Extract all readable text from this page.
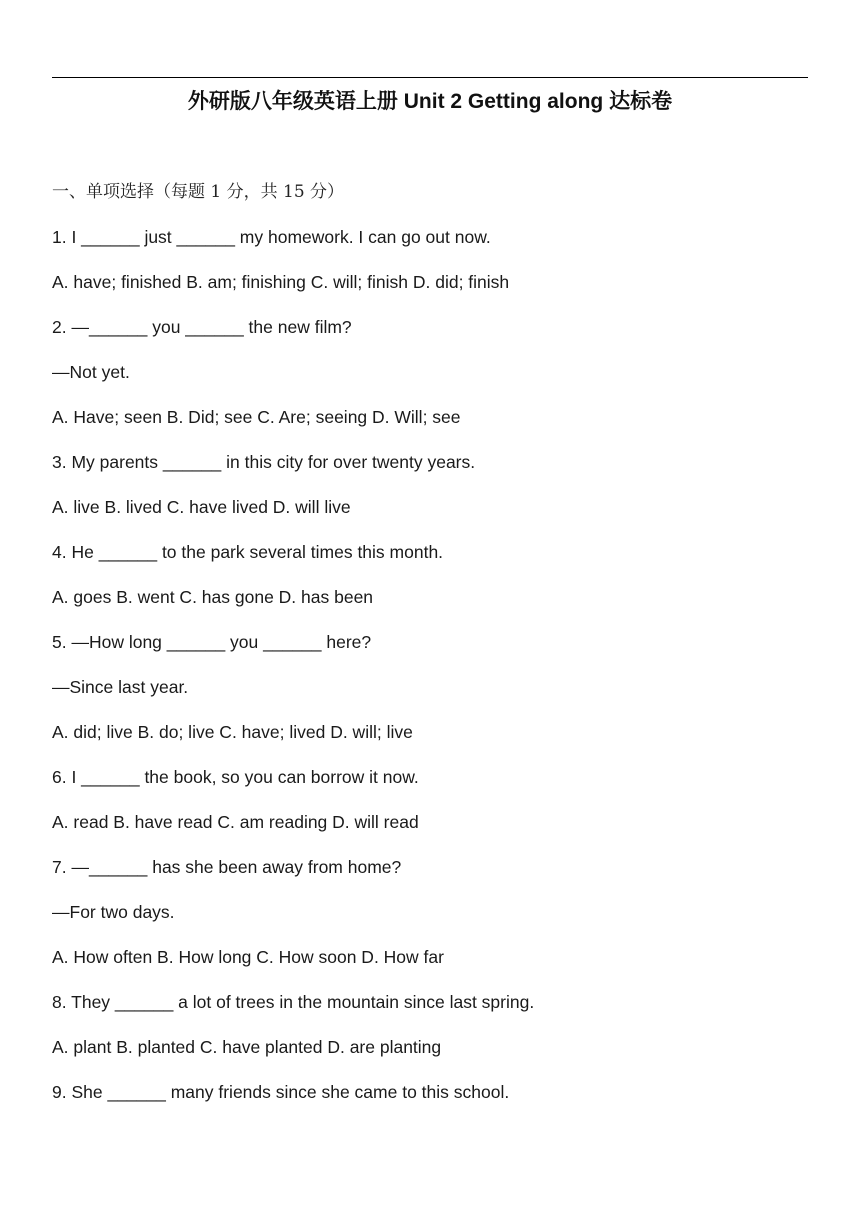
外研版八年级英语上册 Unit 2 Getting along 达标卷
一、单项选择（每题 1 分，共 15 分）
1. I ______ just ______ my homework. I can go out now.
A. have; finished B. am; finishing C. will; finish D. did; finish
2. —______ you ______ the new film?
—Not yet.
A. Have; seen B. Did; see C. Are; seeing D. Will; see
3. My parents ______ in this city for over twenty years.
A. live B. lived C. have lived D. will live
4. He ______ to the park several times this month.
A. goes B. went C. has gone D. has been
5. —How long ______ you ______ here?
—Since last year.
A. did; live B. do; live C. have; lived D. will; live
6. I ______ the book, so you can borrow it now.
A. read B. have read C. am reading D. will read
7. —______ has she been away from home?
—For two days.
A. How often B. How long C. How soon D. How far
8. They ______ a lot of trees in the mountain since last spring.
A. plant B. planted C. have planted D. are planting
9. She ______ many friends since she came to this school.
